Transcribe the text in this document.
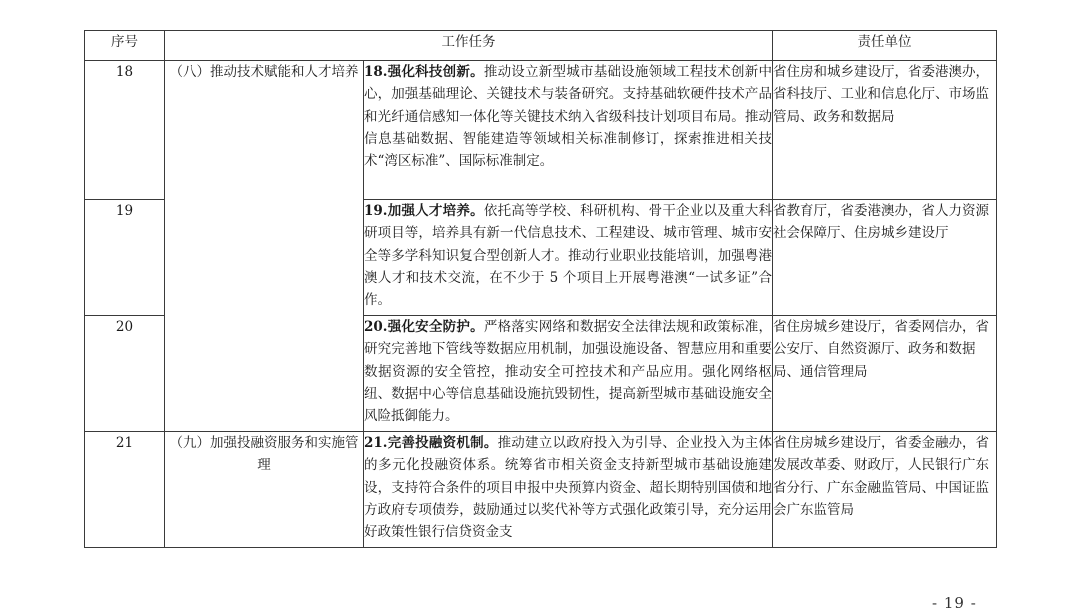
序号	工作任务		责任单位
18	（八）推动技术赋能和人才培养	18.强化科技创新。推动设立新型城市基础设施领域工程技术创新中心，加强基础理论、关键技术与装备研究。支持基础软硬件技术产品和光纤通信感知一体化等关键技术纳入省级科技计划项目布局。推动信息基础数据、智能建造等领域相关标准制修订，探索推进相关技术“湾区标准”、国际标准制定。	省住房和城乡建设厅，省委港澳办，省科技厅、工业和信息化厅、市场监管局、政务和数据局
19		19.加强人才培养。依托高等学校、科研机构、骨干企业以及重大科研项目等，培养具有新一代信息技术、工程建设、城市管理、城市安全等多学科知识复合型创新人才。推动行业职业技能培训，加强粤港澳人才和技术交流，在不少于 5 个项目上开展粤港澳“一试多证”合作。	省教育厅，省委港澳办，省人力资源社会保障厅、住房城乡建设厅
20		20.强化安全防护。严格落实网络和数据安全法律法规和政策标准，研究完善地下管线等数据应用机制，加强设施设备、智慧应用和重要数据资源的安全管控，推动安全可控技术和产品应用。强化网络枢纽、数据中心等信息基础设施抗毁韧性，提高新型城市基础设施安全风险抵御能力。	省住房城乡建设厅，省委网信办，省公安厅、自然资源厅、政务和数据局、通信管理局
21	（九）加强投融资服务和实施管理	21.完善投融资机制。推动建立以政府投入为引导、企业投入为主体的多元化投融资体系。统筹省市相关资金支持新型城市基础设施建设，支持符合条件的项目申报中央预算内资金、超长期特别国债和地方政府专项债券，鼓励通过以奖代补等方式强化政策引导，充分运用好政策性银行信贷资金支	省住房城乡建设厅，省委金融办，省发展改革委、财政厅，人民银行广东省分行、广东金融监管局、中国证监会广东监管局
- 19 -
